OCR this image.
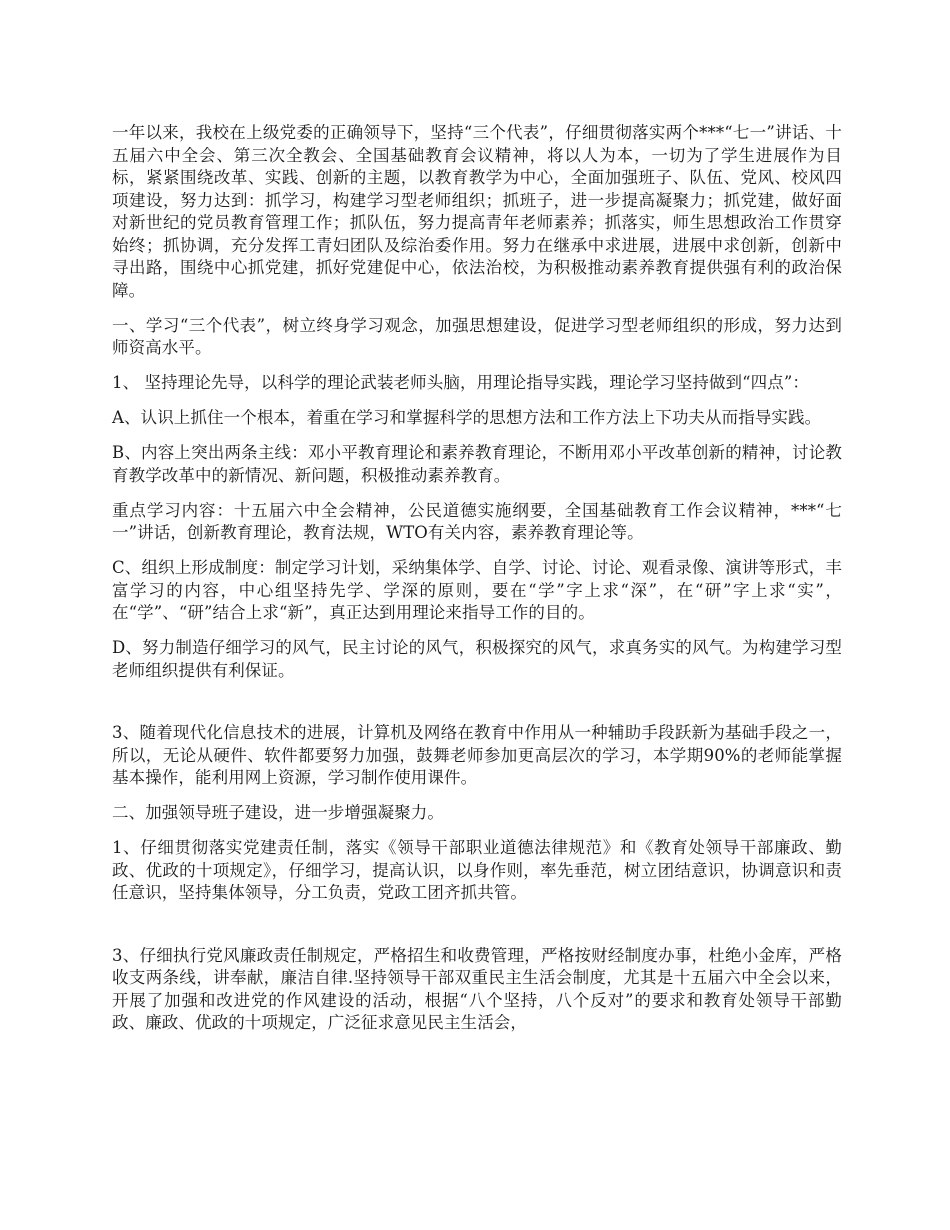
一年以来，我校在上级党委的正确领导下，坚持“三个代表”，仔细贯彻落实两个***“七一”讲话、十五届六中全会、第三次全教会、全国基础教育会议精神，将以人为本，一切为了学生进展作为目标，紧紧围绕改革、实践、创新的主题，以教育教学为中心，全面加强班子、队伍、党风、校风四项建设，努力达到：抓学习，构建学习型老师组织；抓班子，进一步提高凝聚力；抓党建，做好面对新世纪的党员教育管理工作；抓队伍，努力提高青年老师素养；抓落实，师生思想政治工作贯穿始终；抓协调，充分发挥工青妇团队及综治委作用。努力在继承中求进展，进展中求创新，创新中寻出路，围绕中心抓党建，抓好党建促中心，依法治校，为积极推动素养教育提供强有利的政治保障。

一、学习“三个代表”，树立终身学习观念，加强思想建设，促进学习型老师组织的形成，努力达到师资高水平。

1、 坚持理论先导，以科学的理论武装老师头脑，用理论指导实践，理论学习坚持做到“四点”：

A、认识上抓住一个根本，着重在学习和掌握科学的思想方法和工作方法上下功夫从而指导实践。

B、内容上突出两条主线：邓小平教育理论和素养教育理论，不断用邓小平改革创新的精神，讨论教育教学改革中的新情况、新问题，积极推动素养教育。

重点学习内容：十五届六中全会精神，公民道德实施纲要，全国基础教育工作会议精神，***“七一”讲话，创新教育理论，教育法规，WTO有关内容，素养教育理论等。

C、组织上形成制度：制定学习计划，采纳集体学、自学、讨论、讨论、观看录像、演讲等形式，丰富学习的内容，中心组坚持先学、学深的原则，要在“学”字上求“深”，在“研”字上求“实”，在“学”、“研”结合上求“新”，真正达到用理论来指导工作的目的。

D、努力制造仔细学习的风气，民主讨论的风气，积极探究的风气，求真务实的风气。为构建学习型老师组织提供有利保证。

3、随着现代化信息技术的进展，计算机及网络在教育中作用从一种辅助手段跃新为基础手段之一，所以，无论从硬件、软件都要努力加强，鼓舞老师参加更高层次的学习，本学期90%的老师能掌握基本操作，能利用网上资源，学习制作使用课件。

二、加强领导班子建设，进一步增强凝聚力。

1、仔细贯彻落实党建责任制，落实《领导干部职业道德法律规范》和《教育处领导干部廉政、勤政、优政的十项规定》，仔细学习，提高认识，以身作则，率先垂范，树立团结意识，协调意识和责任意识，坚持集体领导，分工负责，党政工团齐抓共管。

3、仔细执行党风廉政责任制规定，严格招生和收费管理，严格按财经制度办事，杜绝小金库，严格收支两条线，讲奉献，廉洁自律.坚持领导干部双重民主生活会制度，尤其是十五届六中全会以来，开展了加强和改进党的作风建设的活动，根据“八个坚持，八个反对”的要求和教育处领导干部勤政、廉政、优政的十项规定，广泛征求意见民主生活会，
